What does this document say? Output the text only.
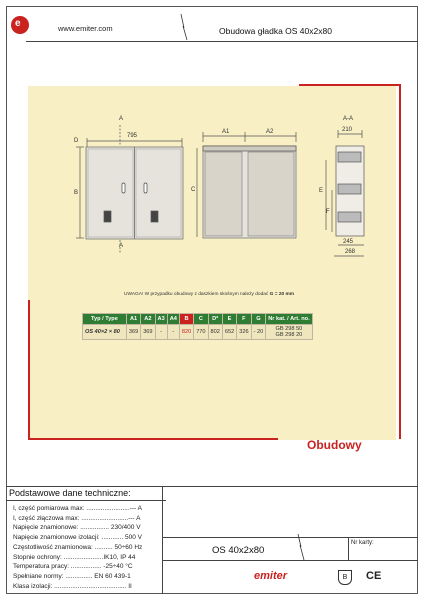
e	www.emiter.com	Obudowa gładka OS 40x2x80
A
795
D
B
A
A1	A2
C
A-A
210
E
F
245
268
UWAGA! W przypadku obudowy z daszkiem skośnym należy dodać G = 20 mm
Typ / Type	A1	A2	A3	A4	B	C	D*	E	F	G	Nr kat. / Art. no.
OS 40×2 × 80	369	369	-	-	820	770	802	652	326	- 20	GB 298 50
GB 298 20
Obudowy
Podstawowe dane techniczne:
I, część pomiarowa max: ........................--- A
I, część złączowa max: ..........................--- A
Napięcie znamionowe: ................ 230/400 V
Napięcie znamionowe izolacji: ............ 500 V
Częstotliwość znamionowa: .......... 50÷60 Hz
Stopnie ochrony: ......................IK10, IP 44
Temperatura pracy: ................. -25÷40 °C
Spełniane normy: ............... EN 60 439-1
Klasa izolacji: ........................................ II
OS 40x2x80
Nr karty:
emiter	B	CE
